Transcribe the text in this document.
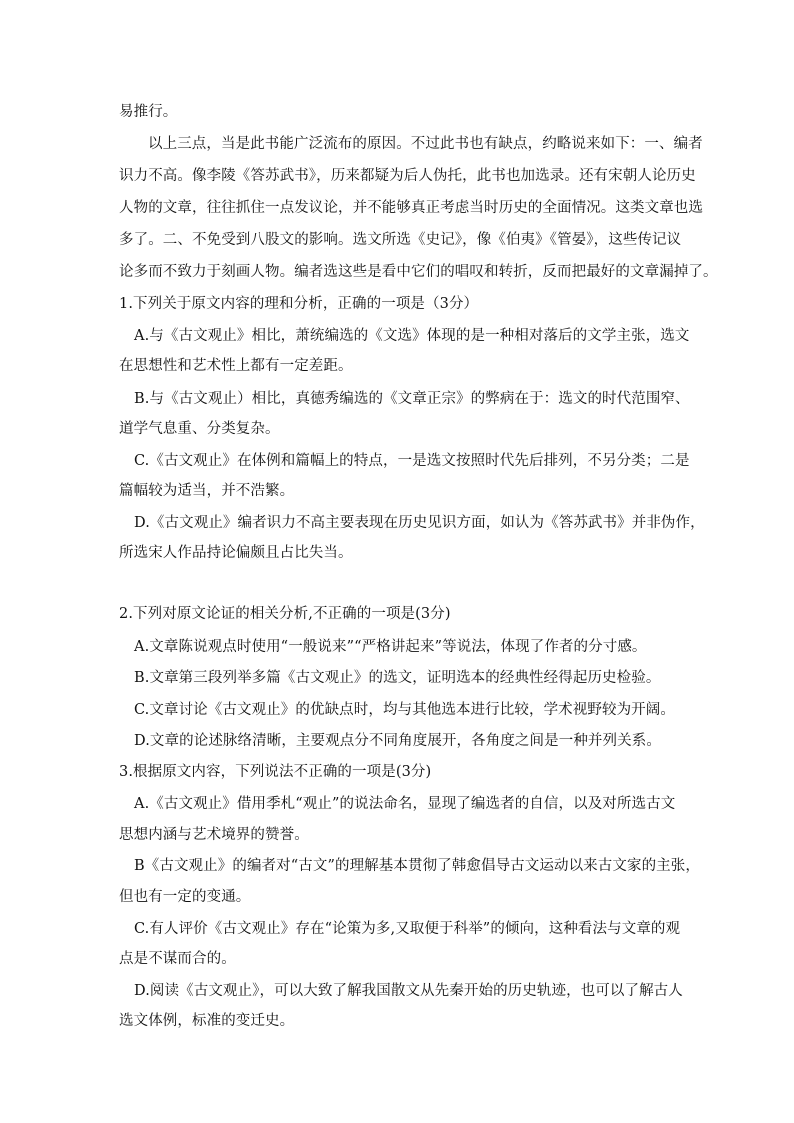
易推行。
以上三点，当是此书能广泛流布的原因。不过此书也有缺点，约略说来如下：一、编者
识力不高。像李陵《答苏武书》，历来都疑为后人伪托，此书也加选录。还有宋朝人论历史
人物的文章，往往抓住一点发议论，并不能够真正考虑当时历史的全面情况。这类文章也选
多了。二、不免受到八股文的影响。选文所选《史记》，像《伯夷》《管晏》，这些传记议
论多而不致力于刻画人物。编者选这些是看中它们的唱叹和转折，反而把最好的文章漏掉了。
1.下列关于原文内容的理和分析，正确的一项是（3分）
A.与《古文观止》相比，萧统编选的《文选》体现的是一种相对落后的文学主张，选文
在思想性和艺术性上都有一定差距。
B.与《古文观止）相比，真德秀编选的《文章正宗》的弊病在于：选文的时代范围窄、
道学气息重、分类复杂。
C.《古文观止》在体例和篇幅上的特点，一是选文按照时代先后排列，不另分类；二是
篇幅较为适当，并不浩繁。
D.《古文观止》编者识力不高主要表现在历史见识方面，如认为《答苏武书》并非伪作，
所选宋人作品持论偏颇且占比失当。
2.下列对原文论证的相关分析,不正确的一项是(3分)
A.文章陈说观点时使用“一般说来”“严格讲起来”等说法，体现了作者的分寸感。
B.文章第三段列举多篇《古文观止》的选文，证明选本的经典性经得起历史检验。
C.文章讨论《古文观止》的优缺点时，均与其他选本进行比较，学术视野较为开阔。
D.文章的论述脉络清晰，主要观点分不同角度展开，各角度之间是一种并列关系。
3.根据原文内容，下列说法不正确的一项是(3分)
A.《古文观止》借用季札“观止”的说法命名，显现了编选者的自信，以及对所选古文
思想内涵与艺术境界的赞誉。
B《古文观止》的编者对“古文”的理解基本贯彻了韩愈倡导古文运动以来古文家的主张，
但也有一定的变通。
C.有人评价《古文观止》存在“论策为多,又取便于科举”的倾向，这种看法与文章的观
点是不谋而合的。
D.阅读《古文观止》，可以大致了解我国散文从先秦开始的历史轨迹，也可以了解古人
选文体例，标准的变迁史。
